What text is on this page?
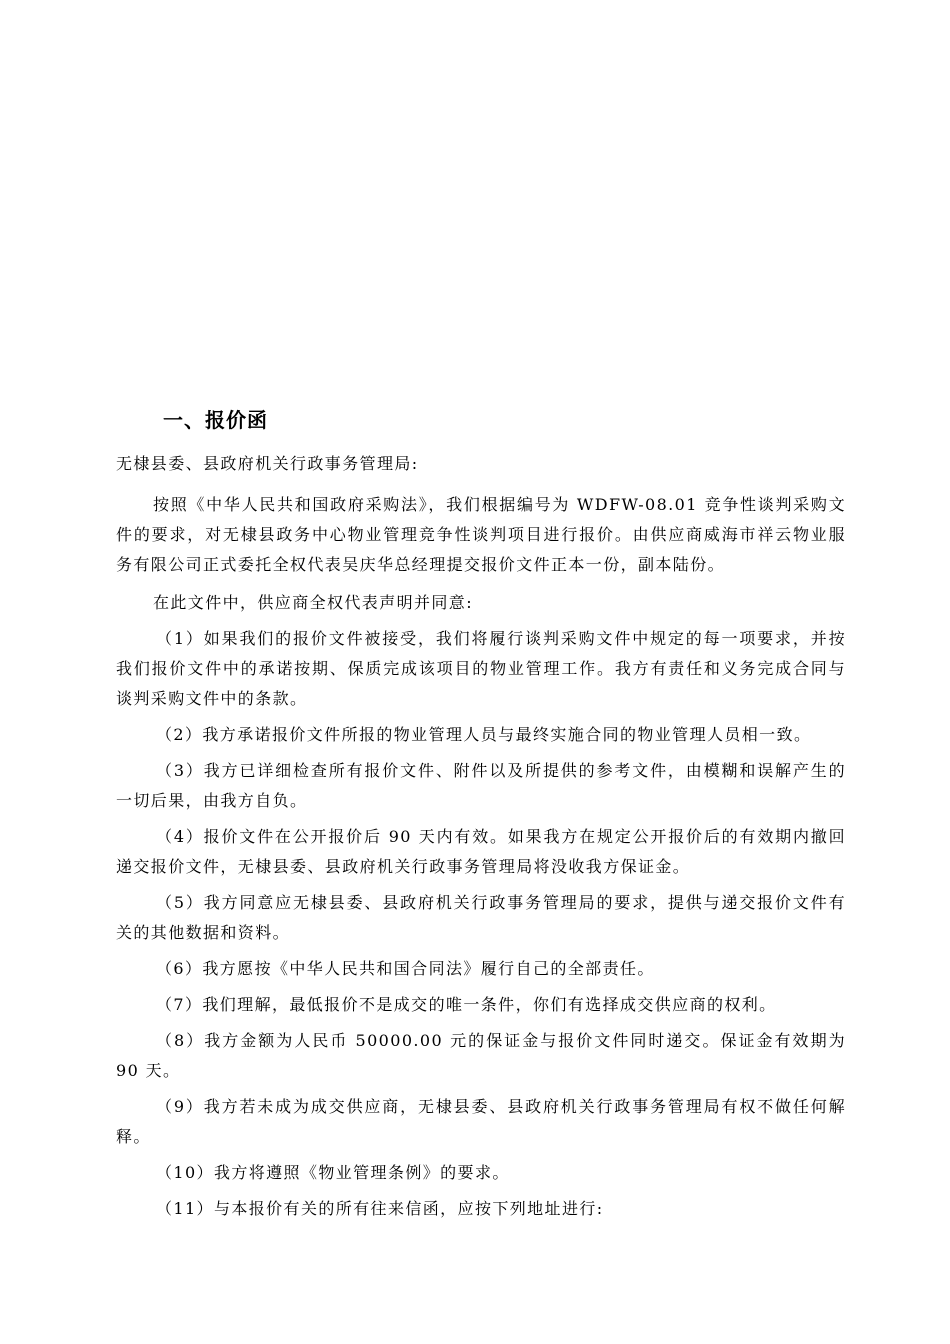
一、报价函
无棣县委、县政府机关行政事务管理局:

按照《中华人民共和国政府采购法》，我们根据编号为 WDFW-08.01 竞争性谈判采购文件的要求，对无棣县政务中心物业管理竞争性谈判项目进行报价。由供应商威海市祥云物业服务有限公司正式委托全权代表吴庆华总经理提交报价文件正本一份，副本陆份。

在此文件中，供应商全权代表声明并同意:

（1）如果我们的报价文件被接受，我们将履行谈判采购文件中规定的每一项要求，并按我们报价文件中的承诺按期、保质完成该项目的物业管理工作。我方有责任和义务完成合同与谈判采购文件中的条款。

（2）我方承诺报价文件所报的物业管理人员与最终实施合同的物业管理人员相一致。

（3）我方已详细检查所有报价文件、附件以及所提供的参考文件，由模糊和误解产生的一切后果，由我方自负。

（4）报价文件在公开报价后 90 天内有效。如果我方在规定公开报价后的有效期内撤回递交报价文件，无棣县委、县政府机关行政事务管理局将没收我方保证金。

（5）我方同意应无棣县委、县政府机关行政事务管理局的要求，提供与递交报价文件有关的其他数据和资料。

（6）我方愿按《中华人民共和国合同法》履行自己的全部责任。

（7）我们理解，最低报价不是成交的唯一条件，你们有选择成交供应商的权利。

（8）我方金额为人民币 50000.00 元的保证金与报价文件同时递交。保证金有效期为 90 天。

（9）我方若未成为成交供应商，无棣县委、县政府机关行政事务管理局有权不做任何解释。

（10）我方将遵照《物业管理条例》的要求。

（11）与本报价有关的所有往来信函，应按下列地址进行:
